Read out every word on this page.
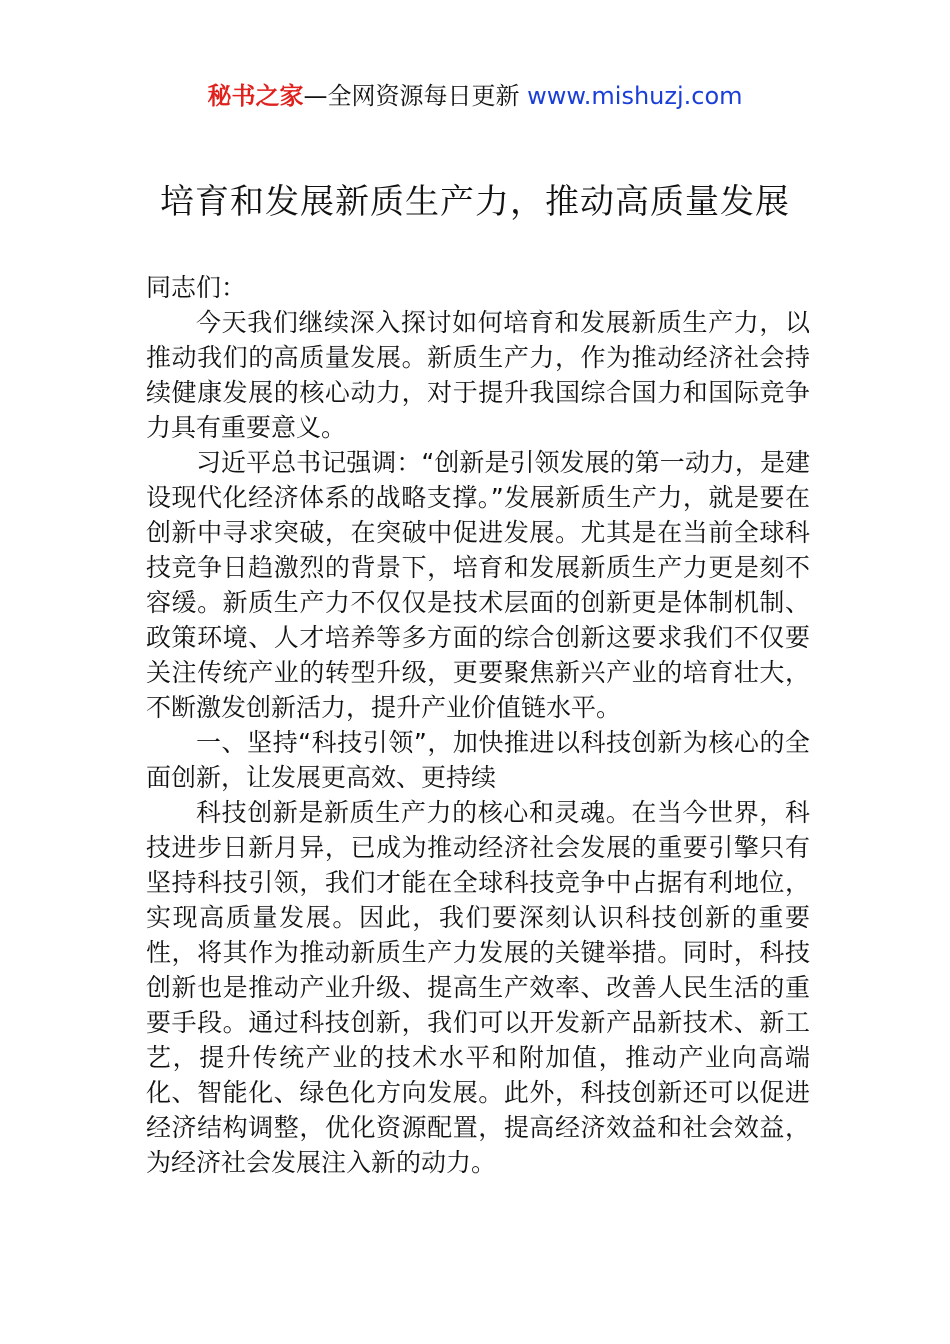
秘书之家—全网资源每日更新 www.mishuzj.com
培育和发展新质生产力，推动高质量发展

同志们：

今天我们继续深入探讨如何培育和发展新质生产力，以推动我们的高质量发展。新质生产力，作为推动经济社会持续健康发展的核心动力，对于提升我国综合国力和国际竞争力具有重要意义。

习近平总书记强调：“创新是引领发展的第一动力，是建设现代化经济体系的战略支撑。”发展新质生产力，就是要在创新中寻求突破，在突破中促进发展。尤其是在当前全球科技竞争日趋激烈的背景下，培育和发展新质生产力更是刻不容缓。新质生产力不仅仅是技术层面的创新更是体制机制、政策环境、人才培养等多方面的综合创新这要求我们不仅要关注传统产业的转型升级，更要聚焦新兴产业的培育壮大，不断激发创新活力，提升产业价值链水平。

一、坚持“科技引领”，加快推进以科技创新为核心的全面创新，让发展更高效、更持续

科技创新是新质生产力的核心和灵魂。在当今世界，科技进步日新月异，已成为推动经济社会发展的重要引擎只有坚持科技引领，我们才能在全球科技竞争中占据有利地位，实现高质量发展。因此，我们要深刻认识科技创新的重要性，将其作为推动新质生产力发展的关键举措。同时，科技创新也是推动产业升级、提高生产效率、改善人民生活的重要手段。通过科技创新，我们可以开发新产品新技术、新工艺，提升传统产业的技术水平和附加值，推动产业向高端化、智能化、绿色化方向发展。此外，科技创新还可以促进经济结构调整，优化资源配置，提高经济效益和社会效益，为经济社会发展注入新的动力。
